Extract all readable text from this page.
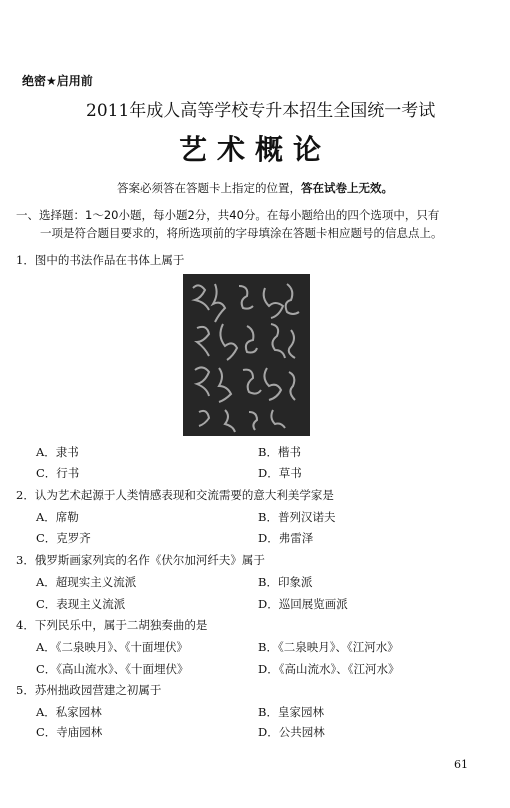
绝密★启用前
2011年成人高等学校专升本招生全国统一考试
艺术概论
答案必须答在答题卡上指定的位置，答在试卷上无效。
一、选择题：1～20小题，每小题2分，共40分。在每小题给出的四个选项中，只有
一项是符合题目要求的，将所选项前的字母填涂在答题卡相应题号的信息点上。
1．图中的书法作品在书体上属于
A．隶书	B．楷书
C．行书	D．草书
2．认为艺术起源于人类情感表现和交流需要的意大利美学家是
A．席勒	B．普列汉诺夫
C．克罗齐	D．弗雷泽
3．俄罗斯画家列宾的名作《伏尔加河纤夫》属于
A．超现实主义流派	B．印象派
C．表现主义流派	D．巡回展览画派
4．下列民乐中，属于二胡独奏曲的是
A．《二泉映月》、《十面埋伏》	B．《二泉映月》、《江河水》
C．《高山流水》、《十面埋伏》	D．《高山流水》、《江河水》
5．苏州拙政园营建之初属于
A．私家园林	B．皇家园林
C．寺庙园林	D．公共园林
61
